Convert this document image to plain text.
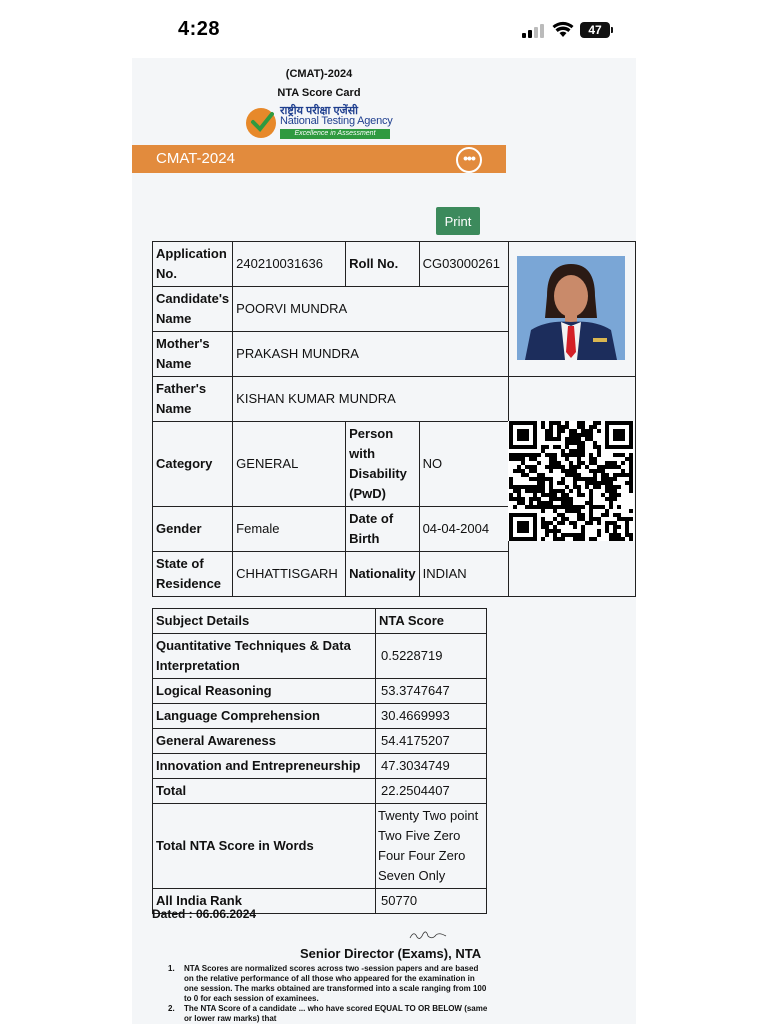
4:28	47
(CMAT)-2024
NTA Score Card
राष्ट्रीय परीक्षा एजेंसी
National Testing Agency
Excellence in Assessment
CMAT-2024	•••
Print
Application No.	240210031636	Roll No.	CG03000261	
Candidate's Name	POORVI MUNDRA			
Mother's Name	PRAKASH MUNDRA			
Father's Name	KISHAN KUMAR MUNDRA			
Category	GENERAL	Person with Disability (PwD)	NO	
Gender	Female	Date of Birth	04-04-2004	
State of Residence	CHHATTISGARH	Nationality	INDIAN	
Subject Details	NTA Score
Quantitative Techniques & Data Interpretation	0.5228719
Logical Reasoning	53.3747647
Language Comprehension	30.4669993
General Awareness	54.4175207
Innovation and Entrepreneurship	47.3034749
Total	22.2504407
Total NTA Score in Words	Twenty Two point Two Five Zero Four Four Zero Seven Only
All India Rank	50770
Dated : 06.06.2024
Senior Director (Exams), NTA
1. NTA Scores are normalized scores across two -session papers and are based on the relative performance of all those who appeared for the examination in one session. The marks obtained are transformed into a scale ranging from 100 to 0 for each session of examinees.
2. The NTA Score of a candidate ... who have scored EQUAL TO OR BELOW (same or lower raw marks) that
